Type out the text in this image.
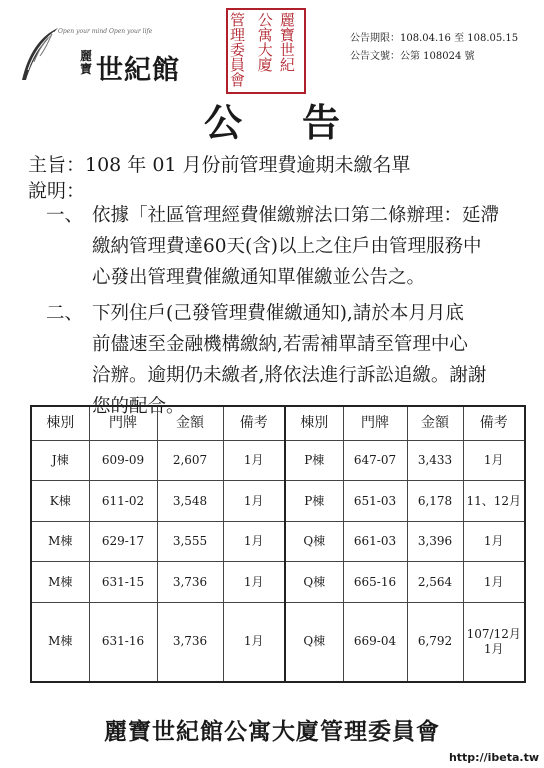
Open your mind Open your life
麗寶 世紀館
麗寶世紀
公寓大廈
管理委員會
公告期限：108.04.16 至 108.05.15
公告文號：公第 108024 號
公告
主旨：108 年 01 月份前管理費逾期未繳名單
說明：
一、 依據「社區管理經費催繳辦法口第二條辦理：延滯
繳納管理費達60天(含)以上之住戶由管理服務中
心發出管理費催繳通知單催繳並公告之。
二、 下列住戶(己發管理費催繳通知),請於本月月底
前儘速至金融機構繳納,若需補單請至管理中心
洽辦。逾期仍未繳者,將依法進行訴訟追繳。謝謝
您的配合。
棟別	門牌	金額	備考	棟別	門牌	金額	備考
J棟	609-09	2,607	1月	P棟	647-07	3,433	1月
K棟	611-02	3,548	1月	P棟	651-03	6,178	11、12月
M棟	629-17	3,555	1月	Q棟	661-03	3,396	1月
M棟	631-15	3,736	1月	Q棟	665-16	2,564	1月
M棟	631-16	3,736	1月	Q棟	669-04	6,792	107/12月 1月
麗寶世紀館公寓大廈管理委員會
http://ibeta.tw
